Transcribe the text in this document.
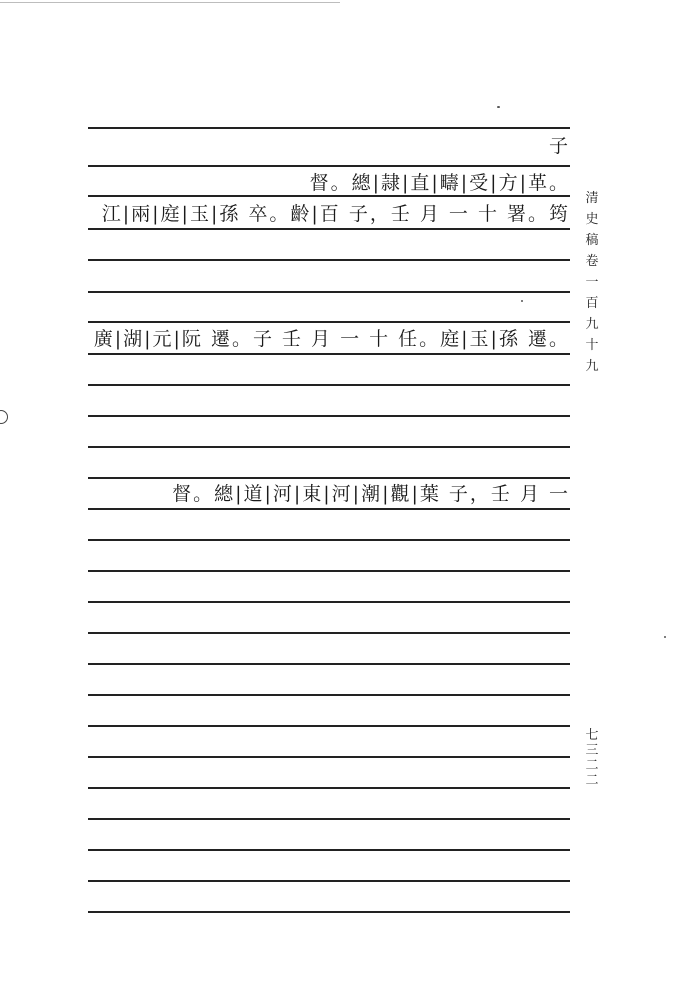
子
督。總|隷|直|疇|受|方|革。
江|兩|庭|玉|孫 卒。齡|百 子，壬 月 一 十 署。筠
廣|湖|元|阮 遷。子 壬 月 一 十 任。庭|玉|孫 遷。
督。總|道|河|東|河|潮|觀|葉 子，壬 月 一
清
史
稿
卷
一
百
九
十
九
七
三
二
二
